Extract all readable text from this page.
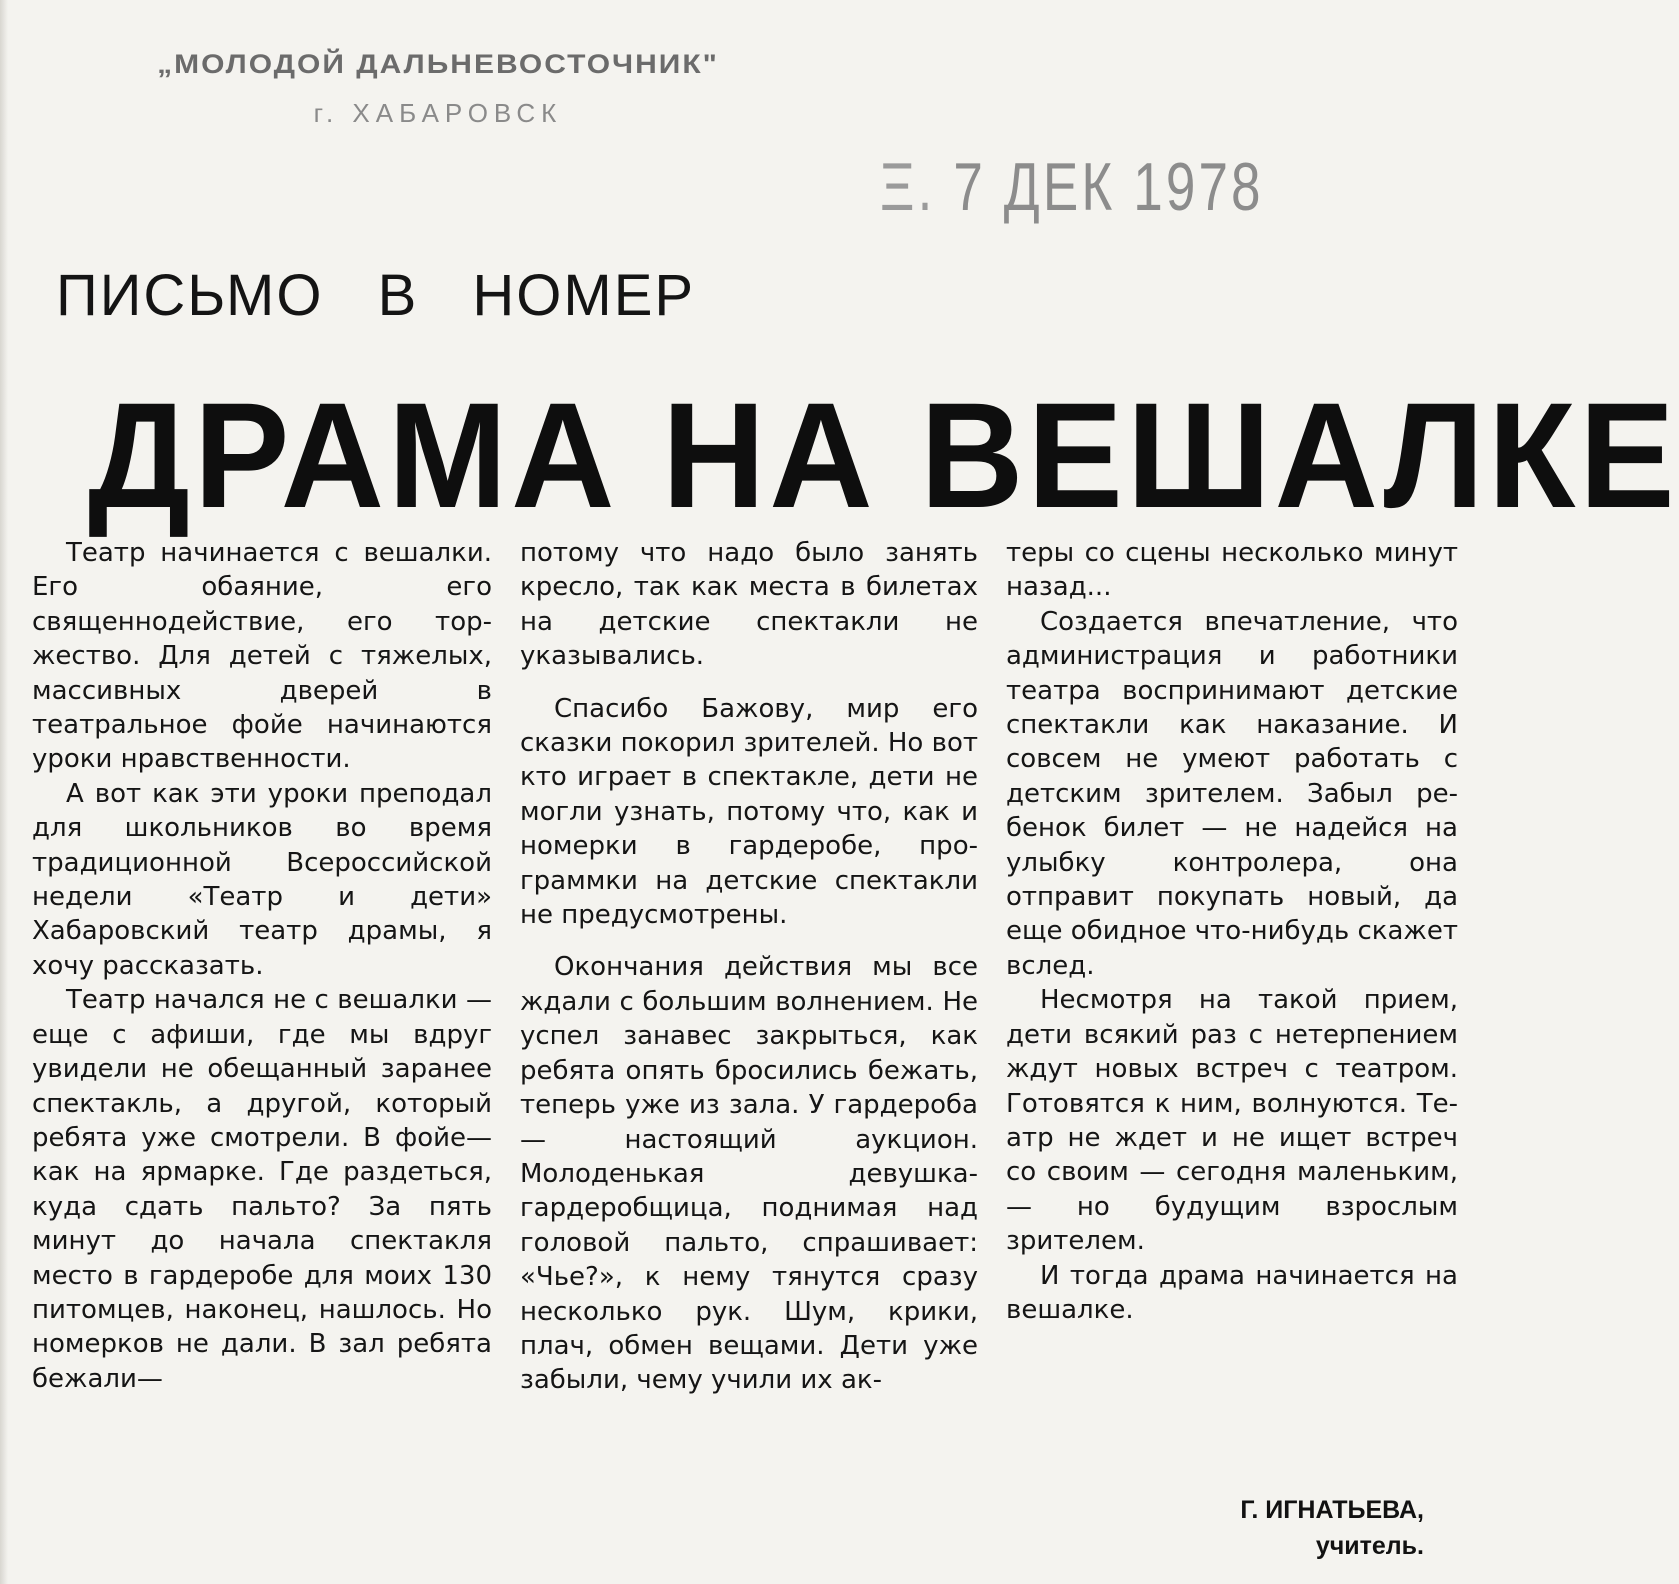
„МОЛОДОЙ ДАЛЬНЕВОСТОЧНИК"
г. ХАБАРОВСК
Ξ. 7 ДЕК 1978
ПИСЬМО В НОМЕР
ДРАМА НА ВЕШАЛКЕ

Театр начинается с вешалки. Его обаяние, его священнодействие, его торжество. Для детей с тяжелых, массивных дверей в театральное фойе начинаются уроки нравственности.

А вот как эти уроки преподал для школьников во время традиционной Всероссийской недели «Театр и дети» Хабаровский театр драмы, я хочу рассказать.

Театр начался не с вешалки — еще с афиши, где мы вдруг увидели не обещанный заранее спектакль, а другой, который ребята уже смотрели. В фойе—как на ярмарке. Где раздеться, куда сдать пальто? За пять минут до начала спектакля место в гардеробе для моих 130 питомцев, наконец, нашлось. Но номерков не дали. В зал ребята бежали—

потому что надо было занять кресло, так как места в билетах на детские спектакли не указывались.

Спасибо Бажову, мир его сказки покорил зрителей. Но вот кто играет в спектакле, дети не могли узнать, потому что, как и номерки в гардеробе, программки на детские спектакли не предусмотрены.

Окончания действия мы все ждали с большим волнением. Не успел занавес закрыться, как ребята опять бросились бежать, теперь уже из зала. У гардероба — настоящий аукцион. Молоденькая девушка-гардеробщица, поднимая над головой пальто, спрашивает: «Чье?», к нему тянутся сразу несколько рук. Шум, крики, плач, обмен вещами. Дети уже забыли, чему учили их ак-

теры со сцены несколько минут назад...

Создается впечатление, что администрация и работники театра воспринимают детские спектакли как наказание. И совсем не умеют работать с детским зрителем. Забыл ребенок билет — не надейся на улыбку контролера, она отправит покупать новый, да еще обидное что-нибудь скажет вслед.

Несмотря на такой прием, дети всякий раз с нетерпением ждут новых встреч с театром. Готовятся к ним, волнуются. Театр не ждет и не ищет встреч со своим — сегодня маленьким, — но будущим взрослым зрителем.

И тогда драма начинается на вешалке.

Г. ИГНАТЬЕВА,
учитель.
